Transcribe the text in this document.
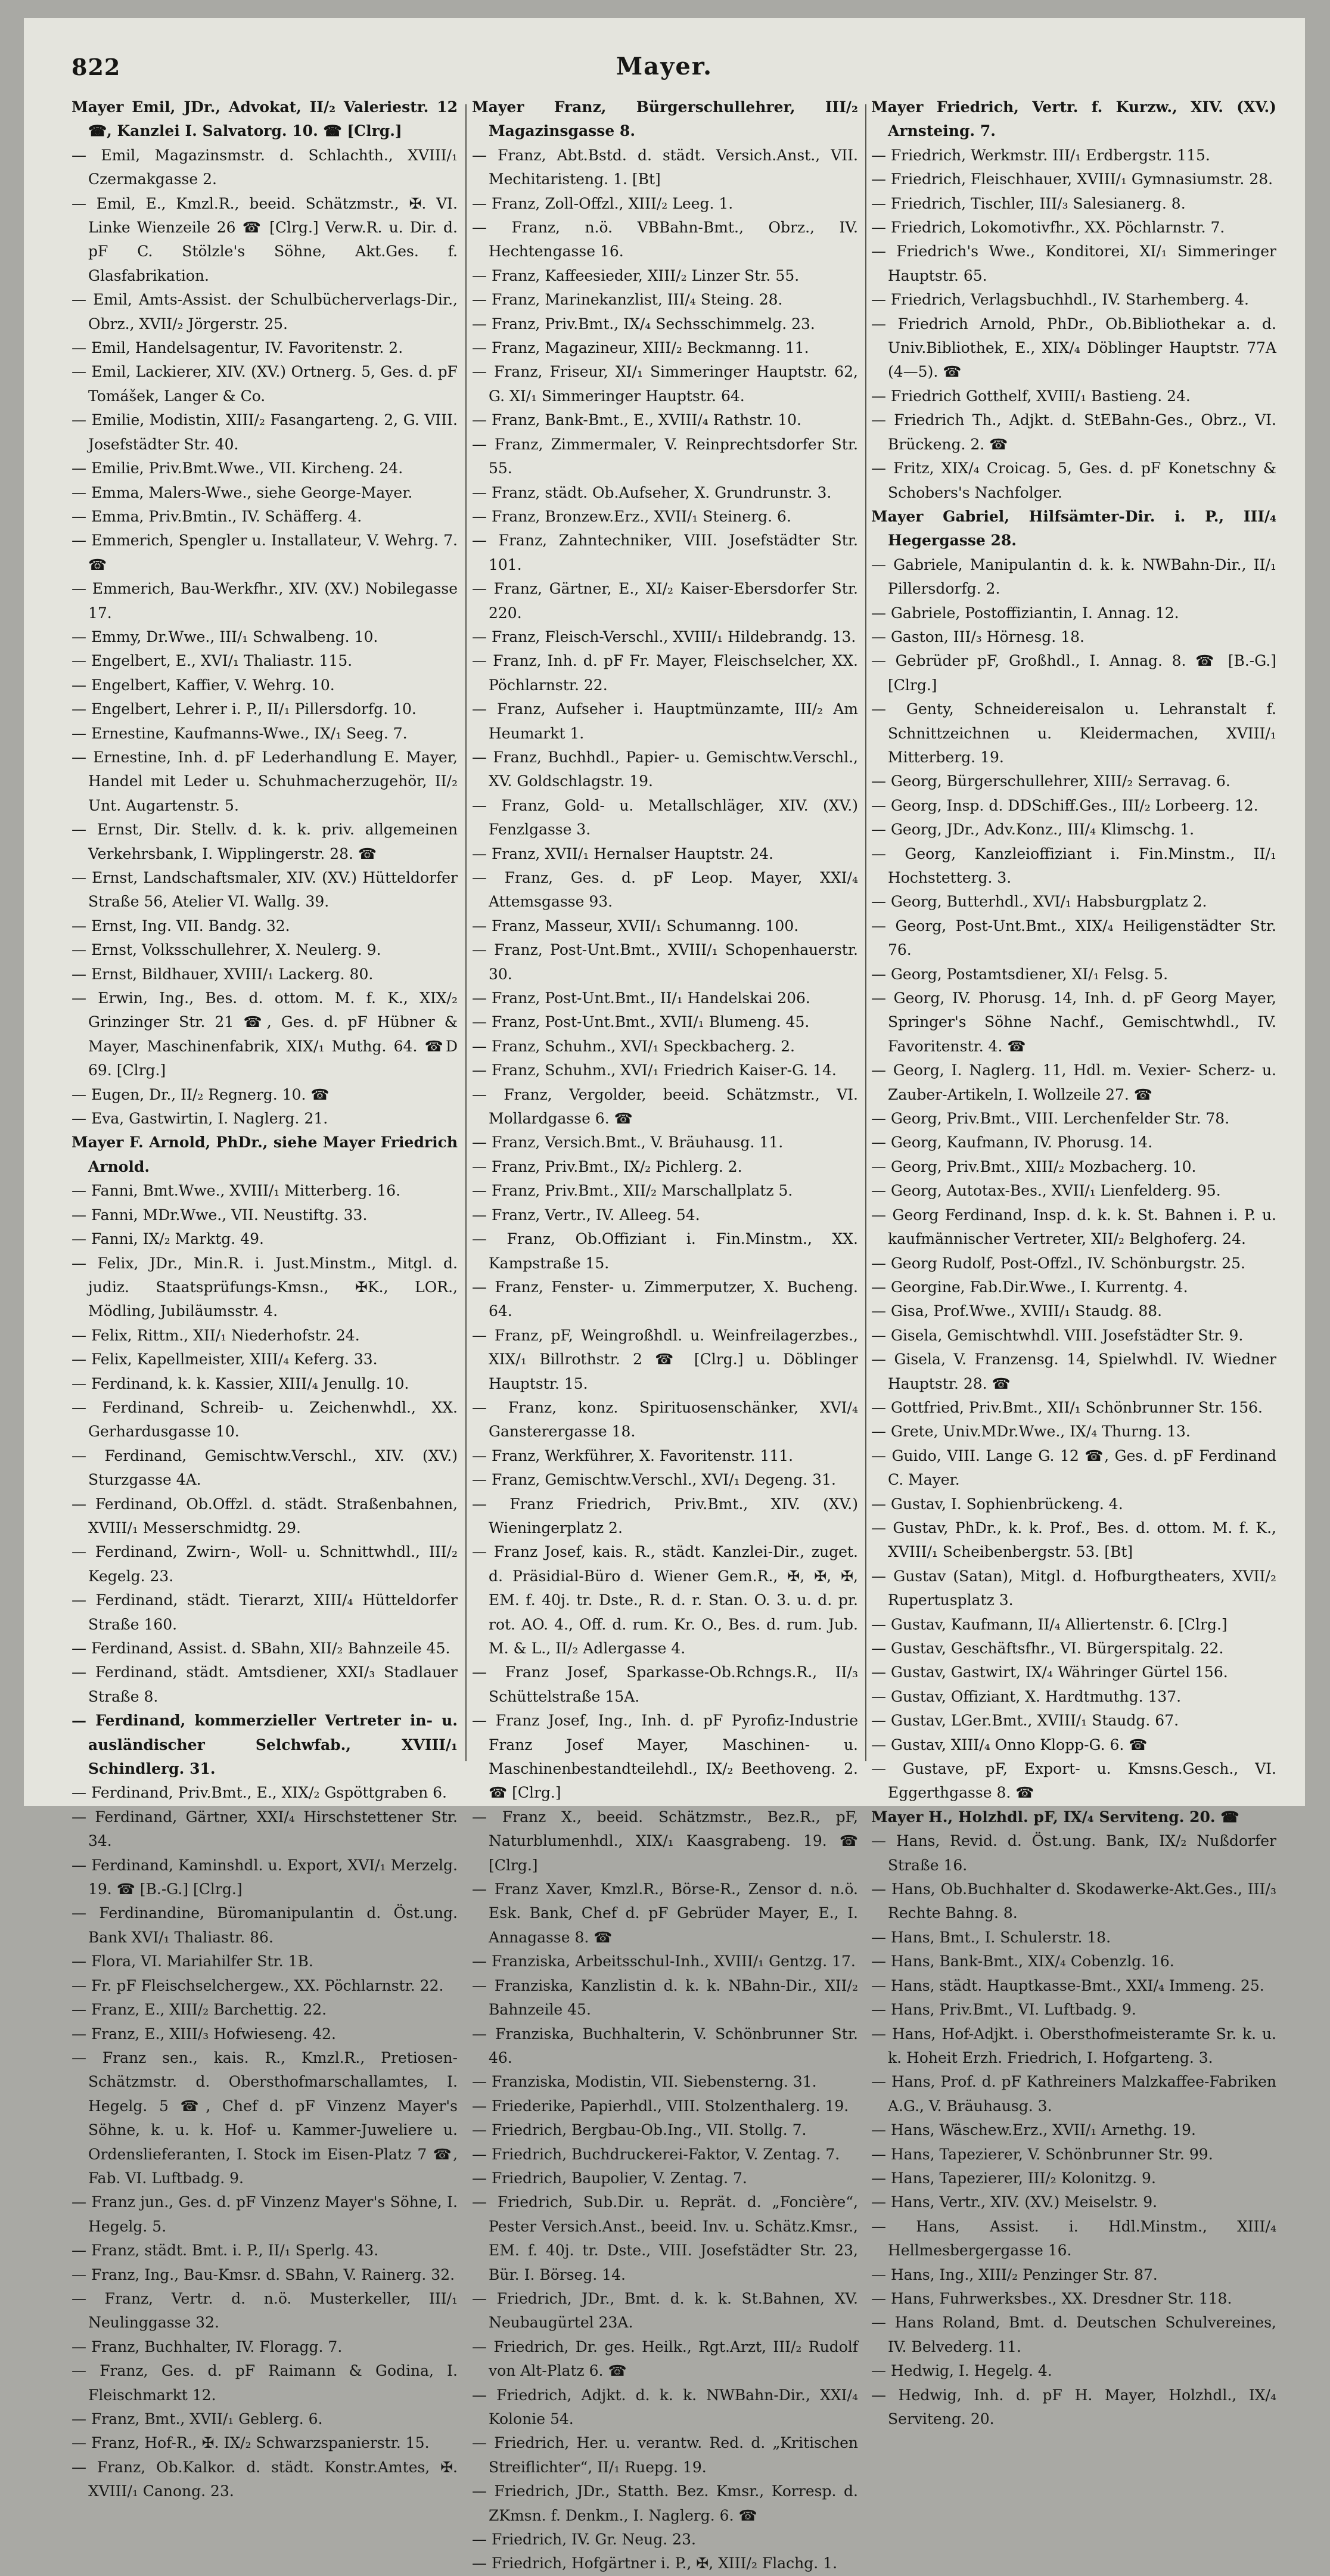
822	Mayer.

Mayer Emil, JDr., Advokat, II/₂ Valeriestr. 12 ☎, Kanzlei I. Salvatorg. 10. ☎ [Clrg.]

— Emil, Magazinsmstr. d. Schlachth., XVIII/₁ Czermakgasse 2.

— Emil, E., Kmzl.R., beeid. Schätzmstr., ✠. VI. Linke Wienzeile 26 ☎ [Clrg.] Verw.R. u. Dir. d. pF C. Stölzle's Söhne, Akt.Ges. f. Glasfabrikation.

— Emil, Amts-Assist. der Schulbücherverlags-Dir., Obrz., XVII/₂ Jörgerstr. 25.

— Emil, Handelsagentur, IV. Favoritenstr. 2.

— Emil, Lackierer, XIV. (XV.) Ortnerg. 5, Ges. d. pF Tomášek, Langer & Co.

— Emilie, Modistin, XIII/₂ Fasangarteng. 2, G. VIII. Josefstädter Str. 40.

— Emilie, Priv.Bmt.Wwe., VII. Kircheng. 24.

— Emma, Malers-Wwe., siehe George-Mayer.

— Emma, Priv.Bmtin., IV. Schäfferg. 4.

— Emmerich, Spengler u. Installateur, V. Wehrg. 7. ☎

— Emmerich, Bau-Werkfhr., XIV. (XV.) Nobilegasse 17.

— Emmy, Dr.Wwe., III/₁ Schwalbeng. 10.

— Engelbert, E., XVI/₁ Thaliastr. 115.

— Engelbert, Kaffier, V. Wehrg. 10.

— Engelbert, Lehrer i. P., II/₁ Pillersdorfg. 10.

— Ernestine, Kaufmanns-Wwe., IX/₁ Seeg. 7.

— Ernestine, Inh. d. pF Lederhandlung E. Mayer, Handel mit Leder u. Schuhmacherzugehör, II/₂ Unt. Augartenstr. 5.

— Ernst, Dir. Stellv. d. k. k. priv. allgemeinen Verkehrsbank, I. Wipplingerstr. 28. ☎

— Ernst, Landschaftsmaler, XIV. (XV.) Hütteldorfer Straße 56, Atelier VI. Wallg. 39.

— Ernst, Ing. VII. Bandg. 32.

— Ernst, Volksschullehrer, X. Neulerg. 9.

— Ernst, Bildhauer, XVIII/₁ Lackerg. 80.

— Erwin, Ing., Bes. d. ottom. M. f. K., XIX/₂ Grinzinger Str. 21 ☎, Ges. d. pF Hübner & Mayer, Maschinenfabrik, XIX/₁ Muthg. 64. ☎D 69. [Clrg.]

— Eugen, Dr., II/₂ Regnerg. 10. ☎

— Eva, Gastwirtin, I. Naglerg. 21.

Mayer F. Arnold, PhDr., siehe Mayer Friedrich Arnold.

— Fanni, Bmt.Wwe., XVIII/₁ Mitterberg. 16.

— Fanni, MDr.Wwe., VII. Neustiftg. 33.

— Fanni, IX/₂ Marktg. 49.

— Felix, JDr., Min.R. i. Just.Minstm., Mitgl. d. judiz. Staatsprüfungs-Kmsn., ✠K., LOR., Mödling, Jubiläumsstr. 4.

— Felix, Rittm., XII/₁ Niederhofstr. 24.

— Felix, Kapellmeister, XIII/₄ Keferg. 33.

— Ferdinand, k. k. Kassier, XIII/₄ Jenullg. 10.

— Ferdinand, Schreib- u. Zeichenwhdl., XX. Gerhardusgasse 10.

— Ferdinand, Gemischtw.Verschl., XIV. (XV.) Sturzgasse 4A.

— Ferdinand, Ob.Offzl. d. städt. Straßenbahnen, XVIII/₁ Messerschmidtg. 29.

— Ferdinand, Zwirn-, Woll- u. Schnittwhdl., III/₂ Kegelg. 23.

— Ferdinand, städt. Tierarzt, XIII/₄ Hütteldorfer Straße 160.

— Ferdinand, Assist. d. SBahn, XII/₂ Bahnzeile 45.

— Ferdinand, städt. Amtsdiener, XXI/₃ Stadlauer Straße 8.

— Ferdinand, kommerzieller Vertreter in- u. ausländischer Selchwfab., XVIII/₁ Schindlerg. 31.

— Ferdinand, Priv.Bmt., E., XIX/₂ Gspöttgraben 6.

— Ferdinand, Gärtner, XXI/₄ Hirschstettener Str. 34.

— Ferdinand, Kaminshdl. u. Export, XVI/₁ Merzelg. 19. ☎ [B.-G.] [Clrg.]

— Ferdinandine, Büromanipulantin d. Öst.ung. Bank XVI/₁ Thaliastr. 86.

— Flora, VI. Mariahilfer Str. 1B.

— Fr. pF Fleischselchergew., XX. Pöchlarnstr. 22.

— Franz, E., XIII/₂ Barchettig. 22.

— Franz, E., XIII/₃ Hofwieseng. 42.

— Franz sen., kais. R., Kmzl.R., Pretiosen-Schätzmstr. d. Obersthofmarschallamtes, I. Hegelg. 5 ☎, Chef d. pF Vinzenz Mayer's Söhne, k. u. k. Hof- u. Kammer-Juweliere u. Ordenslieferanten, I. Stock im Eisen-Platz 7 ☎, Fab. VI. Luftbadg. 9.

— Franz jun., Ges. d. pF Vinzenz Mayer's Söhne, I. Hegelg. 5.

— Franz, städt. Bmt. i. P., II/₁ Sperlg. 43.

— Franz, Ing., Bau-Kmsr. d. SBahn, V. Rainerg. 32.

— Franz, Vertr. d. n.ö. Musterkeller, III/₁ Neulinggasse 32.

— Franz, Buchhalter, IV. Floragg. 7.

— Franz, Ges. d. pF Raimann & Godina, I. Fleischmarkt 12.

— Franz, Bmt., XVII/₁ Geblerg. 6.

— Franz, Hof-R., ✠. IX/₂ Schwarzspanierstr. 15.

— Franz, Ob.Kalkor. d. städt. Konstr.Amtes, ✠. XVIII/₁ Canong. 23.

Mayer Franz, Bürgerschullehrer, III/₂ Magazinsgasse 8.

— Franz, Abt.Bstd. d. städt. Versich.Anst., VII. Mechitaristeng. 1. [Bt]

— Franz, Zoll-Offzl., XIII/₂ Leeg. 1.

— Franz, n.ö. VBBahn-Bmt., Obrz., IV. Hechtengasse 16.

— Franz, Kaffeesieder, XIII/₂ Linzer Str. 55.

— Franz, Marinekanzlist, III/₄ Steing. 28.

— Franz, Priv.Bmt., IX/₄ Sechsschimmelg. 23.

— Franz, Magazineur, XIII/₂ Beckmanng. 11.

— Franz, Friseur, XI/₁ Simmeringer Hauptstr. 62, G. XI/₁ Simmeringer Hauptstr. 64.

— Franz, Bank-Bmt., E., XVIII/₄ Rathstr. 10.

— Franz, Zimmermaler, V. Reinprechtsdorfer Str. 55.

— Franz, städt. Ob.Aufseher, X. Grundrunstr. 3.

— Franz, Bronzew.Erz., XVII/₁ Steinerg. 6.

— Franz, Zahntechniker, VIII. Josefstädter Str. 101.

— Franz, Gärtner, E., XI/₂ Kaiser-Ebersdorfer Str. 220.

— Franz, Fleisch-Verschl., XVIII/₁ Hildebrandg. 13.

— Franz, Inh. d. pF Fr. Mayer, Fleischselcher, XX. Pöchlarnstr. 22.

— Franz, Aufseher i. Hauptmünzamte, III/₂ Am Heumarkt 1.

— Franz, Buchhdl., Papier- u. Gemischtw.Verschl., XV. Goldschlagstr. 19.

— Franz, Gold- u. Metallschläger, XIV. (XV.) Fenzlgasse 3.

— Franz, XVII/₁ Hernalser Hauptstr. 24.

— Franz, Ges. d. pF Leop. Mayer, XXI/₄ Attemsgasse 93.

— Franz, Masseur, XVII/₁ Schumanng. 100.

— Franz, Post-Unt.Bmt., XVIII/₁ Schopenhauerstr. 30.

— Franz, Post-Unt.Bmt., II/₁ Handelskai 206.

— Franz, Post-Unt.Bmt., XVII/₁ Blumeng. 45.

— Franz, Schuhm., XVI/₁ Speckbacherg. 2.

— Franz, Schuhm., XVI/₁ Friedrich Kaiser-G. 14.

— Franz, Vergolder, beeid. Schätzmstr., VI. Mollardgasse 6. ☎

— Franz, Versich.Bmt., V. Bräuhausg. 11.

— Franz, Priv.Bmt., IX/₂ Pichlerg. 2.

— Franz, Priv.Bmt., XII/₂ Marschallplatz 5.

— Franz, Vertr., IV. Alleeg. 54.

— Franz, Ob.Offiziant i. Fin.Minstm., XX. Kampstraße 15.

— Franz, Fenster- u. Zimmerputzer, X. Bucheng. 64.

— Franz, pF, Weingroßhdl. u. Weinfreilagerzbes., XIX/₁ Billrothstr. 2 ☎ [Clrg.] u. Döblinger Hauptstr. 15.

— Franz, konz. Spirituosenschänker, XVI/₄ Gansterergasse 18.

— Franz, Werkführer, X. Favoritenstr. 111.

— Franz, Gemischtw.Verschl., XVI/₁ Degeng. 31.

— Franz Friedrich, Priv.Bmt., XIV. (XV.) Wieningerplatz 2.

— Franz Josef, kais. R., städt. Kanzlei-Dir., zuget. d. Präsidial-Büro d. Wiener Gem.R., ✠, ✠, ✠, EM. f. 40j. tr. Dste., R. d. r. Stan. O. 3. u. d. pr. rot. AO. 4., Off. d. rum. Kr. O., Bes. d. rum. Jub. M. & L., II/₂ Adlergasse 4.

— Franz Josef, Sparkasse-Ob.Rchngs.R., II/₃ Schüttelstraße 15A.

— Franz Josef, Ing., Inh. d. pF Pyrofiz-Industrie Franz Josef Mayer, Maschinen- u. Maschinenbestandteilehdl., IX/₂ Beethoveng. 2. ☎ [Clrg.]

— Franz X., beeid. Schätzmstr., Bez.R., pF, Naturblumenhdl., XIX/₁ Kaasgrabeng. 19. ☎ [Clrg.]

— Franz Xaver, Kmzl.R., Börse-R., Zensor d. n.ö. Esk. Bank, Chef d. pF Gebrüder Mayer, E., I. Annagasse 8. ☎

— Franziska, Arbeitsschul-Inh., XVIII/₁ Gentzg. 17.

— Franziska, Kanzlistin d. k. k. NBahn-Dir., XII/₂ Bahnzeile 45.

— Franziska, Buchhalterin, V. Schönbrunner Str. 46.

— Franziska, Modistin, VII. Siebensterng. 31.

— Friederike, Papierhdl., VIII. Stolzenthalerg. 19.

— Friedrich, Bergbau-Ob.Ing., VII. Stollg. 7.

— Friedrich, Buchdruckerei-Faktor, V. Zentag. 7.

— Friedrich, Baupolier, V. Zentag. 7.

— Friedrich, Sub.Dir. u. Reprät. d. „Foncière“, Pester Versich.Anst., beeid. Inv. u. Schätz.Kmsr., EM. f. 40j. tr. Dste., VIII. Josefstädter Str. 23, Bür. I. Börseg. 14.

— Friedrich, JDr., Bmt. d. k. k. St.Bahnen, XV. Neubaugürtel 23A.

— Friedrich, Dr. ges. Heilk., Rgt.Arzt, III/₂ Rudolf von Alt-Platz 6. ☎

— Friedrich, Adjkt. d. k. k. NWBahn-Dir., XXI/₄ Kolonie 54.

— Friedrich, Her. u. verantw. Red. d. „Kritischen Streiflichter“, II/₁ Ruepg. 19.

— Friedrich, JDr., Statth. Bez. Kmsr., Korresp. d. ZKmsn. f. Denkm., I. Naglerg. 6. ☎

— Friedrich, IV. Gr. Neug. 23.

— Friedrich, Hofgärtner i. P., ✠, XIII/₂ Flachg. 1.

Mayer Friedrich, Vertr. f. Kurzw., XIV. (XV.) Arnsteing. 7.

— Friedrich, Werkmstr. III/₁ Erdbergstr. 115.

— Friedrich, Fleischhauer, XVIII/₁ Gymnasiumstr. 28.

— Friedrich, Tischler, III/₃ Salesianerg. 8.

— Friedrich, Lokomotivfhr., XX. Pöchlarnstr. 7.

— Friedrich's Wwe., Konditorei, XI/₁ Simmeringer Hauptstr. 65.

— Friedrich, Verlagsbuchhdl., IV. Starhemberg. 4.

— Friedrich Arnold, PhDr., Ob.Bibliothekar a. d. Univ.Bibliothek, E., XIX/₄ Döblinger Hauptstr. 77A (4—5). ☎

— Friedrich Gotthelf, XVIII/₁ Bastieng. 24.

— Friedrich Th., Adjkt. d. StEBahn-Ges., Obrz., VI. Brückeng. 2. ☎

— Fritz, XIX/₄ Croicag. 5, Ges. d. pF Konetschny & Schobers's Nachfolger.

Mayer Gabriel, Hilfsämter-Dir. i. P., III/₄ Hegergasse 28.

— Gabriele, Manipulantin d. k. k. NWBahn-Dir., II/₁ Pillersdorfg. 2.

— Gabriele, Postoffiziantin, I. Annag. 12.

— Gaston, III/₃ Hörnesg. 18.

— Gebrüder pF, Großhdl., I. Annag. 8. ☎ [B.-G.] [Clrg.]

— Genty, Schneidereisalon u. Lehranstalt f. Schnittzeichnen u. Kleidermachen, XVIII/₁ Mitterberg. 19.

— Georg, Bürgerschullehrer, XIII/₂ Serravag. 6.

— Georg, Insp. d. DDSchiff.Ges., III/₂ Lorbeerg. 12.

— Georg, JDr., Adv.Konz., III/₄ Klimschg. 1.

— Georg, Kanzleioffiziant i. Fin.Minstm., II/₁ Hochstetterg. 3.

— Georg, Butterhdl., XVI/₁ Habsburgplatz 2.

— Georg, Post-Unt.Bmt., XIX/₄ Heiligenstädter Str. 76.

— Georg, Postamtsdiener, XI/₁ Felsg. 5.

— Georg, IV. Phorusg. 14, Inh. d. pF Georg Mayer, Springer's Söhne Nachf., Gemischtwhdl., IV. Favoritenstr. 4. ☎

— Georg, I. Naglerg. 11, Hdl. m. Vexier- Scherz- u. Zauber-Artikeln, I. Wollzeile 27. ☎

— Georg, Priv.Bmt., VIII. Lerchenfelder Str. 78.

— Georg, Kaufmann, IV. Phorusg. 14.

— Georg, Priv.Bmt., XIII/₂ Mozbacherg. 10.

— Georg, Autotax-Bes., XVII/₁ Lienfelderg. 95.

— Georg Ferdinand, Insp. d. k. k. St. Bahnen i. P. u. kaufmännischer Vertreter, XII/₂ Belghoferg. 24.

— Georg Rudolf, Post-Offzl., IV. Schönburgstr. 25.

— Georgine, Fab.Dir.Wwe., I. Kurrentg. 4.

— Gisa, Prof.Wwe., XVIII/₁ Staudg. 88.

— Gisela, Gemischtwhdl. VIII. Josefstädter Str. 9.

— Gisela, V. Franzensg. 14, Spielwhdl. IV. Wiedner Hauptstr. 28. ☎

— Gottfried, Priv.Bmt., XII/₁ Schönbrunner Str. 156.

— Grete, Univ.MDr.Wwe., IX/₄ Thurng. 13.

— Guido, VIII. Lange G. 12 ☎, Ges. d. pF Ferdinand C. Mayer.

— Gustav, I. Sophienbrückeng. 4.

— Gustav, PhDr., k. k. Prof., Bes. d. ottom. M. f. K., XVIII/₁ Scheibenbergstr. 53. [Bt]

— Gustav (Satan), Mitgl. d. Hofburgtheaters, XVII/₂ Rupertusplatz 3.

— Gustav, Kaufmann, II/₄ Alliertenstr. 6. [Clrg.]

— Gustav, Geschäftsfhr., VI. Bürgerspitalg. 22.

— Gustav, Gastwirt, IX/₄ Währinger Gürtel 156.

— Gustav, Offiziant, X. Hardtmuthg. 137.

— Gustav, LGer.Bmt., XVIII/₁ Staudg. 67.

— Gustav, XIII/₄ Onno Klopp-G. 6. ☎

— Gustave, pF, Export- u. Kmsns.Gesch., VI. Eggerthgasse 8. ☎

Mayer H., Holzhdl. pF, IX/₄ Serviteng. 20. ☎

— Hans, Revid. d. Öst.ung. Bank, IX/₂ Nußdorfer Straße 16.

— Hans, Ob.Buchhalter d. Skodawerke-Akt.Ges., III/₃ Rechte Bahng. 8.

— Hans, Bmt., I. Schulerstr. 18.

— Hans, Bank-Bmt., XIX/₄ Cobenzlg. 16.

— Hans, städt. Hauptkasse-Bmt., XXI/₄ Immeng. 25.

— Hans, Priv.Bmt., VI. Luftbadg. 9.

— Hans, Hof-Adjkt. i. Obersthofmeisteramte Sr. k. u. k. Hoheit Erzh. Friedrich, I. Hofgarteng. 3.

— Hans, Prof. d. pF Kathreiners Malzkaffee-Fabriken A.G., V. Bräuhausg. 3.

— Hans, Wäschew.Erz., XVII/₁ Arnethg. 19.

— Hans, Tapezierer, V. Schönbrunner Str. 99.

— Hans, Tapezierer, III/₂ Kolonitzg. 9.

— Hans, Vertr., XIV. (XV.) Meiselstr. 9.

— Hans, Assist. i. Hdl.Minstm., XIII/₄ Hellmesbergergasse 16.

— Hans, Ing., XIII/₂ Penzinger Str. 87.

— Hans, Fuhrwerksbes., XX. Dresdner Str. 118.

— Hans Roland, Bmt. d. Deutschen Schulvereines, IV. Belvederg. 11.

— Hedwig, I. Hegelg. 4.

— Hedwig, Inh. d. pF H. Mayer, Holzhdl., IX/₄ Serviteng. 20.
